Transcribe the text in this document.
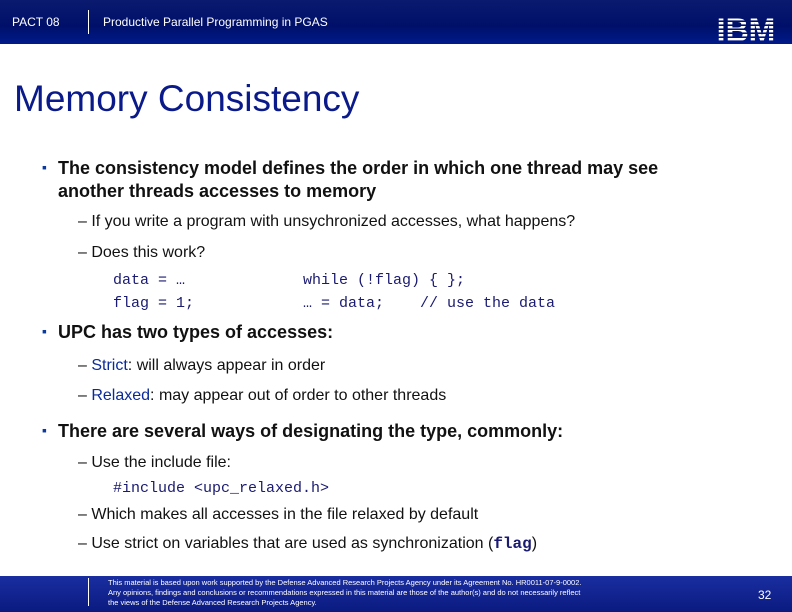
PACT 08	Productive Parallel Programming in PGAS
Memory Consistency
▪ The consistency model defines the order in which one thread may see
another threads accesses to memory
– If you write a program with unsychronized accesses, what happens?
– Does this work?
data = …
flag = 1;
while (!flag) { };
… = data; // use the data
▪ UPC has two types of accesses:
– Strict: will always appear in order
– Relaxed: may appear out of order to other threads
▪ There are several ways of designating the type, commonly:
– Use the include file:
#include <upc_relaxed.h>
– Which makes all accesses in the file relaxed by default
– Use strict on variables that are used as synchronization (flag)
This material is based upon work supported by the Defense Advanced Research Projects Agency under its Agreement No. HR0011-07-9-0002.
Any opinions, findings and conclusions or recommendations expressed in this material are those of the author(s) and do not necessarily reflect
the views of the Defense Advanced Research Projects Agency.
32
